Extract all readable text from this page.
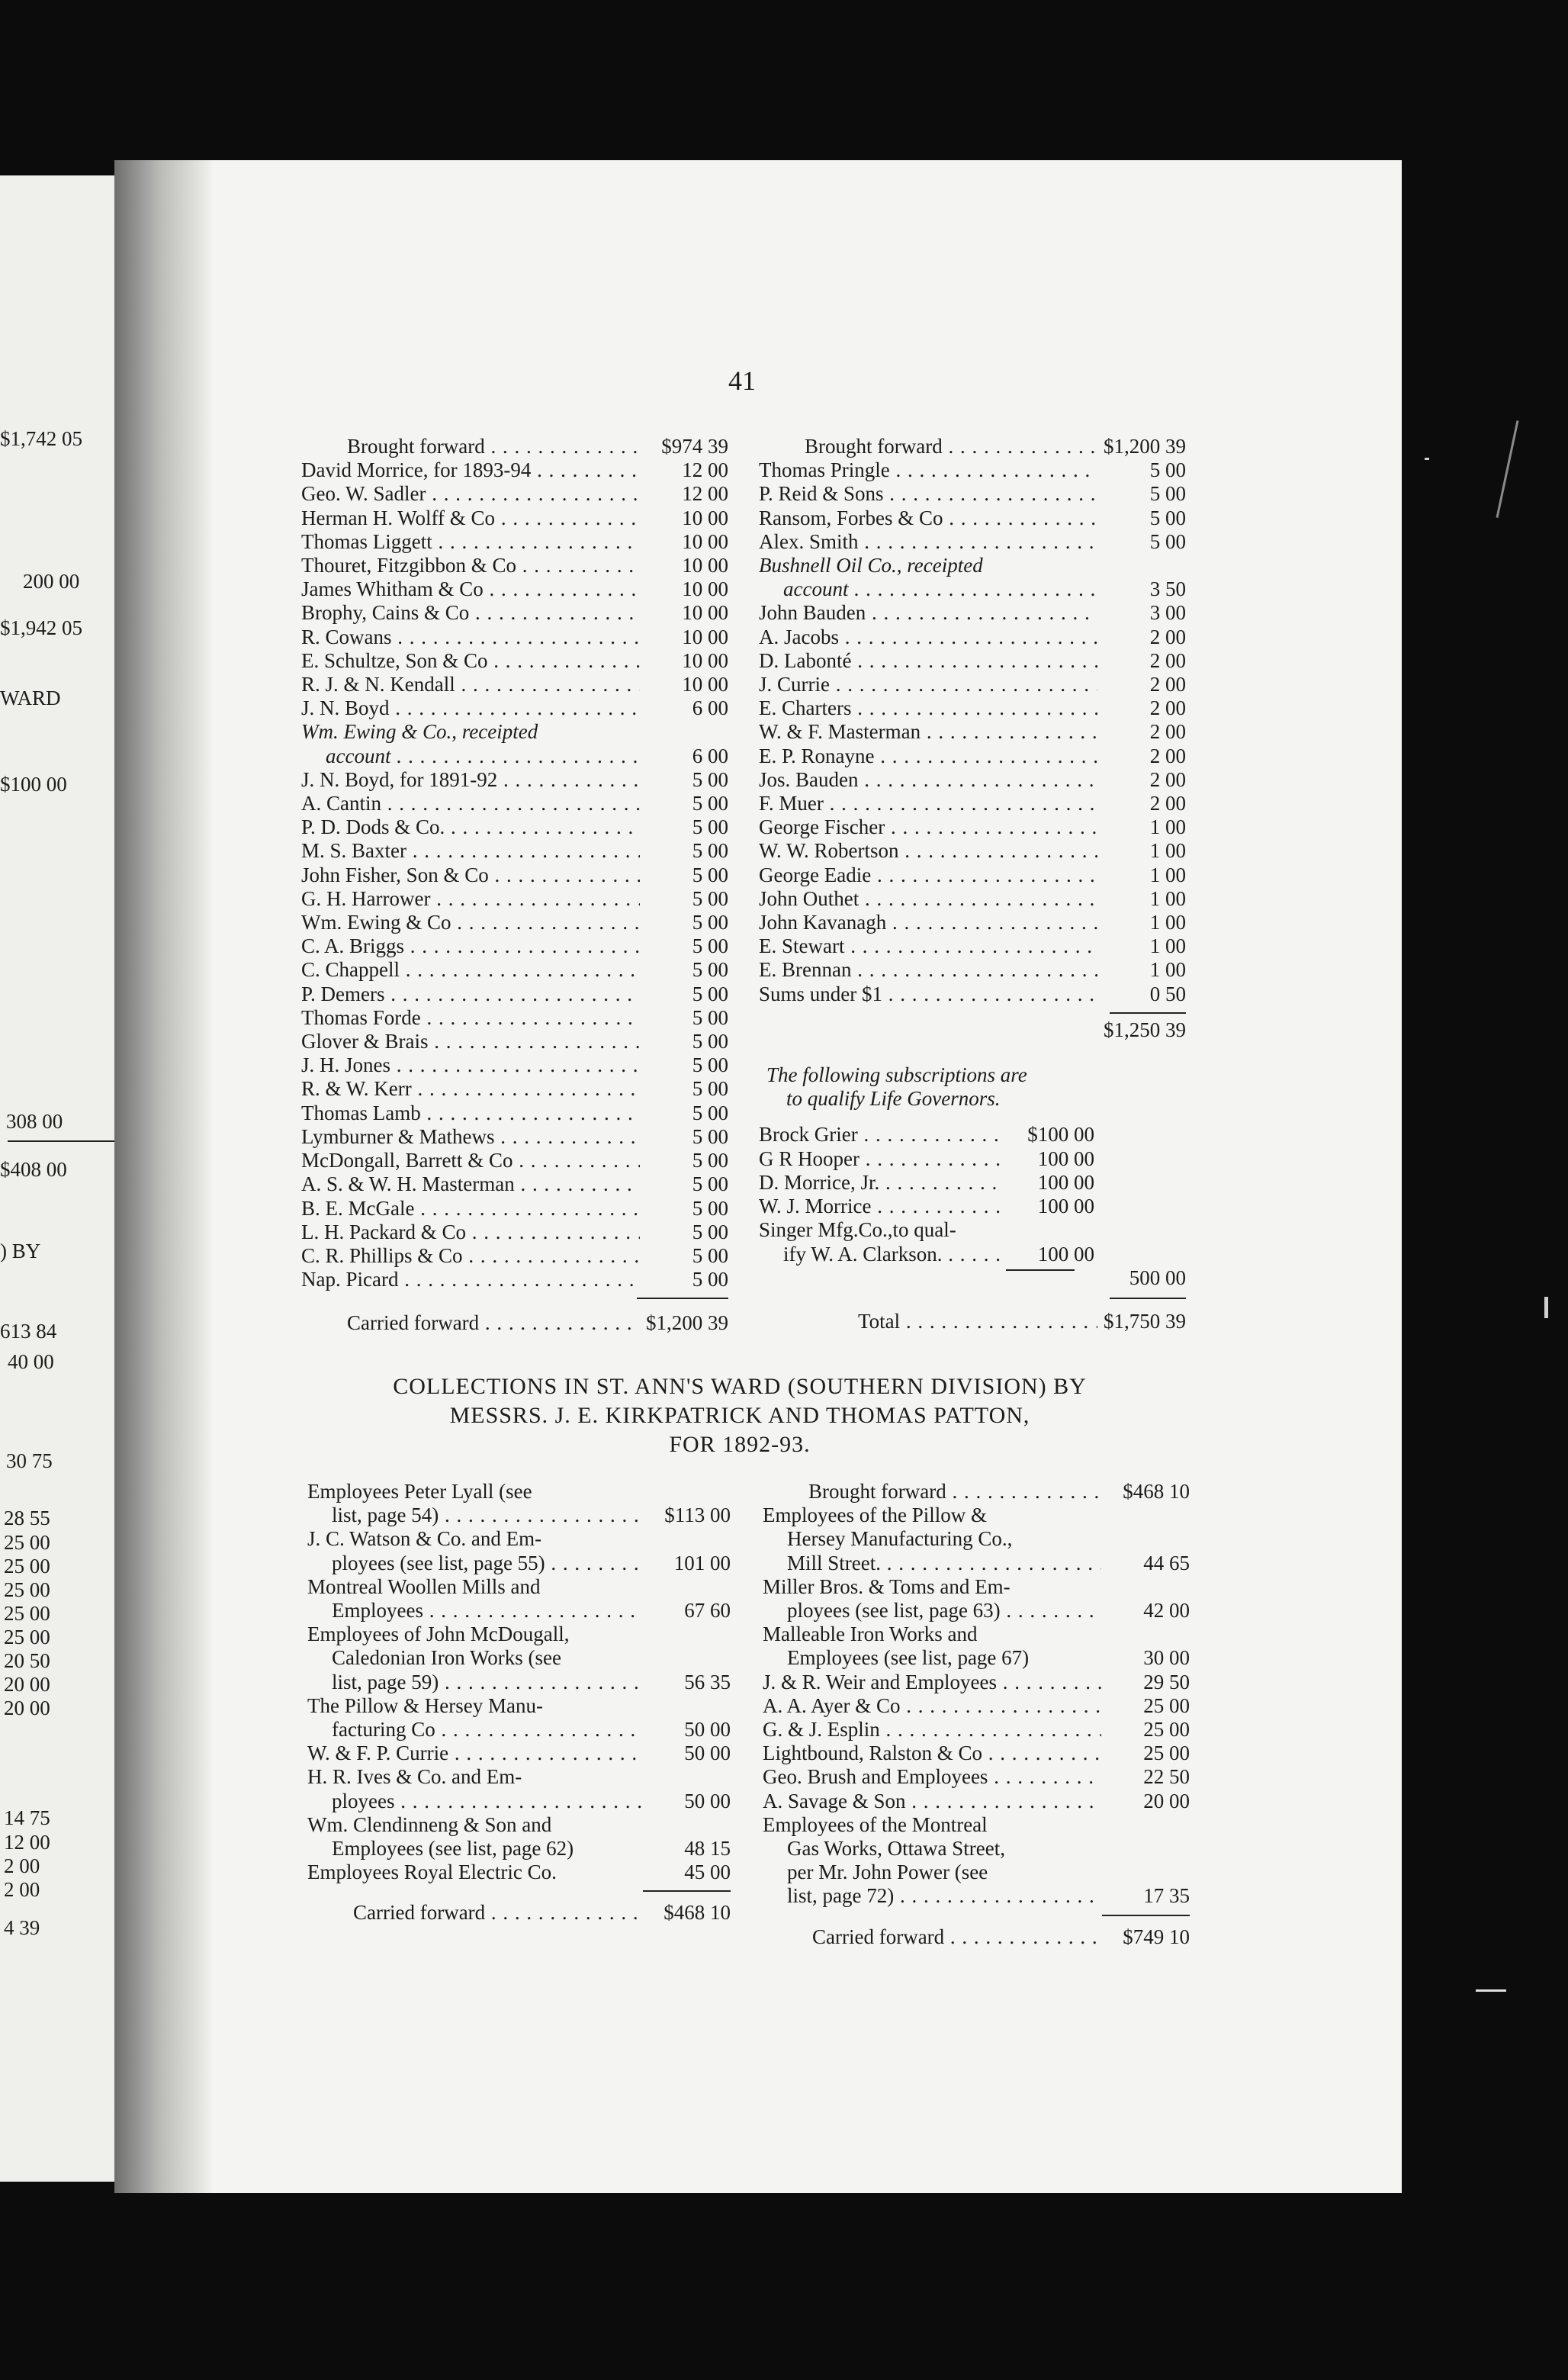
$1,742 05
200 00
$1,942 05
WARD
$100 00
308 00
$408 00
) BY
613 84
40 00
30 75
28 55
25 00
25 00
25 00
25 00
25 00
20 50
20 00
20 00
14 75
12 00
2 00
2 00
4 39
41
Brought forward . . .	$974 39
David Morrice, for 1893-94 . . .	12 00
Geo. W. Sadler . . .	12 00
Herman H. Wolff & Co . . .	10 00
Thomas Liggett . . .	10 00
Thouret, Fitzgibbon & Co . . .	10 00
James Whitham & Co . . .	10 00
Brophy, Cains & Co . . .	10 00
R. Cowans . . .	10 00
E. Schultze, Son & Co . . .	10 00
R. J. & N. Kendall . . .	10 00
J. N. Boyd . . .	6 00
Wm. Ewing & Co., receipted
account . . .	6 00
J. N. Boyd, for 1891-92 . . .	5 00
A. Cantin . . .	5 00
P. D. Dods & Co. . . .	5 00
M. S. Baxter . . .	5 00
John Fisher, Son & Co . . .	5 00
G. H. Harrower . . .	5 00
Wm. Ewing & Co . . .	5 00
C. A. Briggs . . .	5 00
C. Chappell . . .	5 00
P. Demers . . .	5 00
Thomas Forde . . .	5 00
Glover & Brais . . .	5 00
J. H. Jones . . .	5 00
R. & W. Kerr . . .	5 00
Thomas Lamb . . .	5 00
Lymburner & Mathews . . .	5 00
McDongall, Barrett & Co . . .	5 00
A. S. & W. H. Masterman . . .	5 00
B. E. McGale . . .	5 00
L. H. Packard & Co . . .	5 00
C. R. Phillips & Co . . .	5 00
Nap. Picard . . .	5 00
Carried forward . . .	$1,200 39
Brought forward . . .	$1,200 39
Thomas Pringle . . .	5 00
P. Reid & Sons . . .	5 00
Ransom, Forbes & Co . . .	5 00
Alex. Smith . . .	5 00
Bushnell Oil Co., receipted
account . . .	3 50
John Bauden . . .	3 00
A. Jacobs . . .	2 00
D. Labonté . . .	2 00
J. Currie . . .	2 00
E. Charters . . .	2 00
W. & F. Masterman . . .	2 00
E. P. Ronayne . . .	2 00
Jos. Bauden . . .	2 00
F. Muer . . .	2 00
George Fischer . . .	1 00
W. W. Robertson . . .	1 00
George Eadie . . .	1 00
John Outhet . . .	1 00
John Kavanagh . . .	1 00
E. Stewart . . .	1 00
E. Brennan . . .	1 00
Sums under $1 . . .	0 50
$1,250 39
The following subscriptions are
to qualify Life Governors.
Brock Grier . . .	$100 00
G R Hooper . . .	100 00
D. Morrice, Jr. . . .	100 00
W. J. Morrice . . .	100 00
Singer Mfg.Co.,to qual-
ify W. A. Clarkson. . . .	100 00
500 00
Total . . .	$1,750 39
COLLECTIONS IN ST. ANN'S WARD (SOUTHERN DIVISION) BY
MESSRS. J. E. KIRKPATRICK AND THOMAS PATTON,
FOR 1892-93.
Employees Peter Lyall (see
list, page 54) . . .	$113 00
J. C. Watson & Co. and Em-
ployees (see list, page 55) . . .	101 00
Montreal Woollen Mills and
Employees . . .	67 60
Employees of John McDougall,
Caledonian Iron Works (see
list, page 59) . . .	56 35
The Pillow & Hersey Manu-
facturing Co . . .	50 00
W. & F. P. Currie . . .	50 00
H. R. Ives & Co. and Em-
ployees . . .	50 00
Wm. Clendinneng & Son and
Employees (see list, page 62)	48 15
Employees Royal Electric Co.	45 00
Carried forward . . .	$468 10
Brought forward . . .	$468 10
Employees of the Pillow &
Hersey Manufacturing Co.,
Mill Street. . . .	44 65
Miller Bros. & Toms and Em-
ployees (see list, page 63) . . .	42 00
Malleable Iron Works and
Employees (see list, page 67)	30 00
J. & R. Weir and Employees . . .	29 50
A. A. Ayer & Co . . .	25 00
G. & J. Esplin . . .	25 00
Lightbound, Ralston & Co . . .	25 00
Geo. Brush and Employees . . .	22 50
A. Savage & Son . . .	20 00
Employees of the Montreal
Gas Works, Ottawa Street,
per Mr. John Power (see
list, page 72) . . .	17 35
Carried forward . . .	$749 10
